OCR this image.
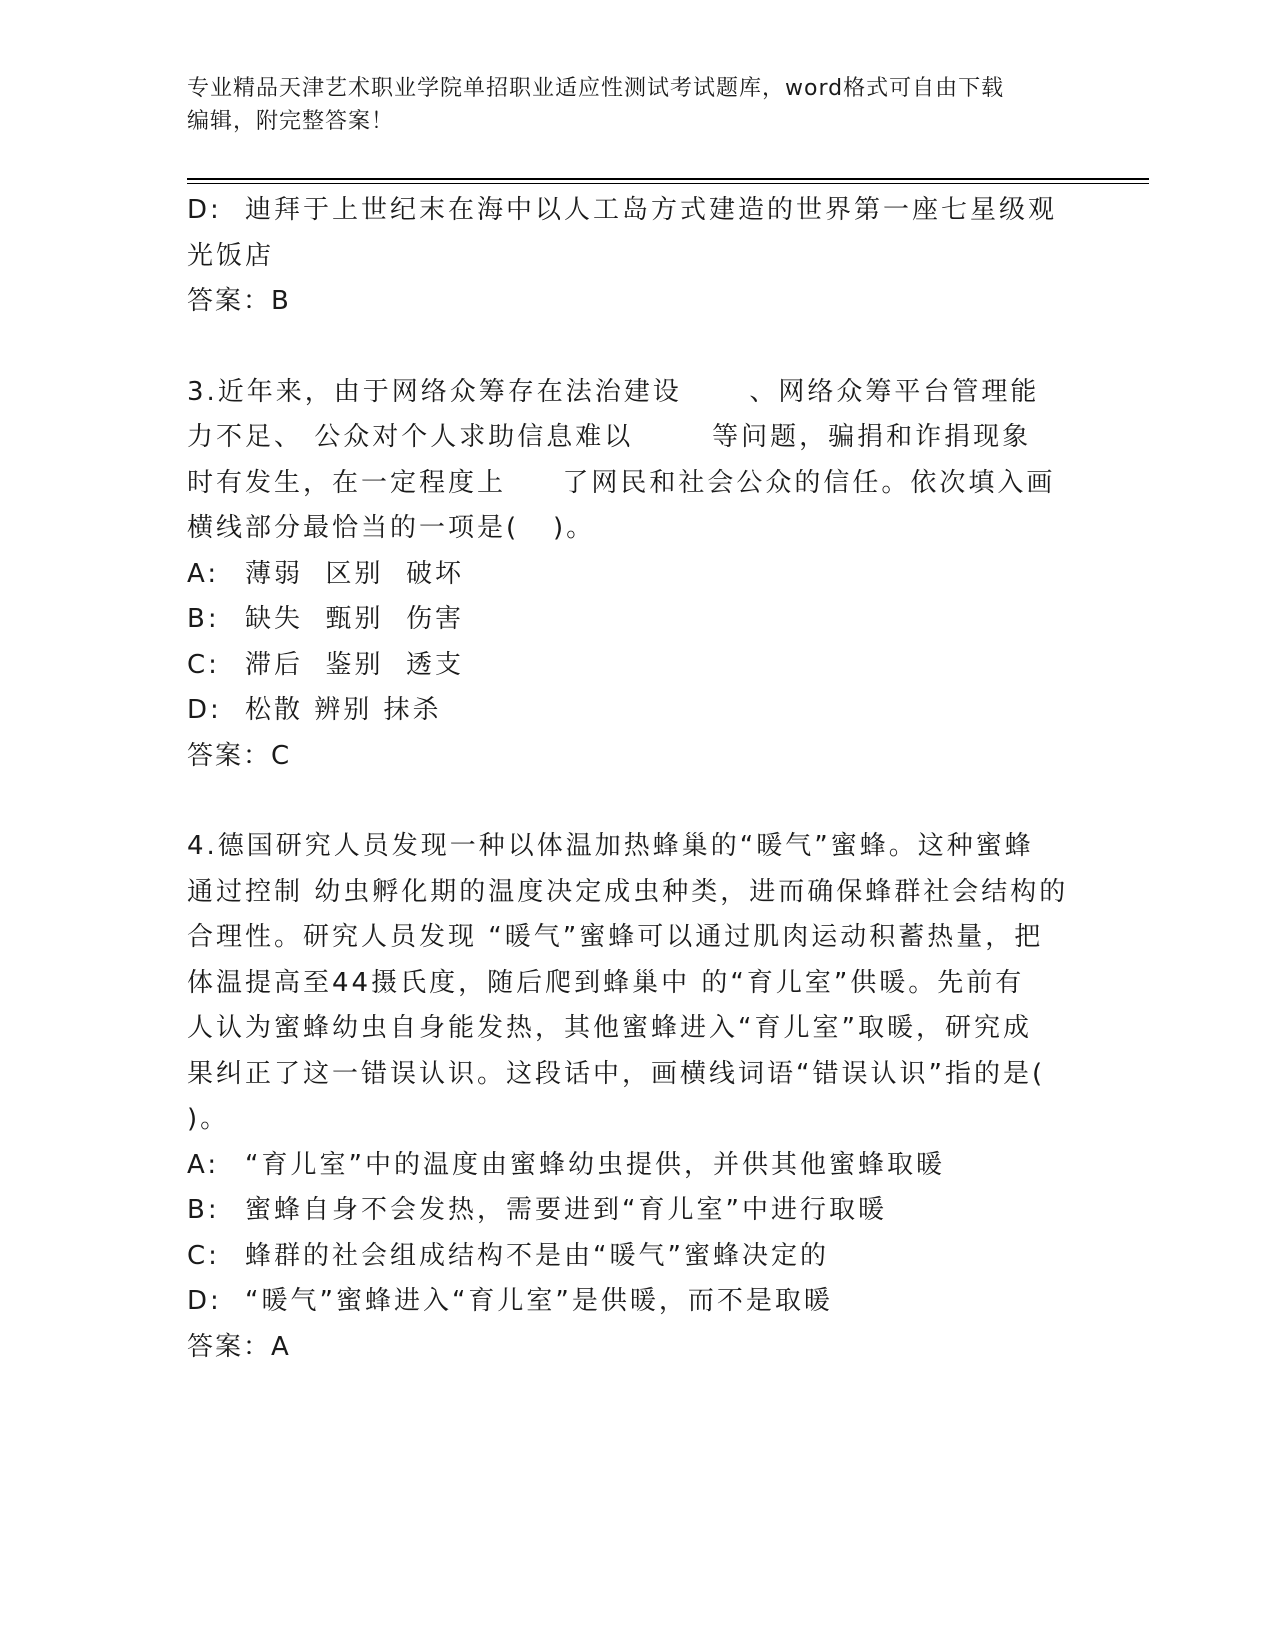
专业精品天津艺术职业学院单招职业适应性测试考试题库，word格式可自由下载
编辑，附完整答案！
D: 迪拜于上世纪末在海中以人工岛方式建造的世界第一座七星级观
光饭店
答案：B
3.近年来，由于网络众筹存在法治建设      、网络众筹平台管理能
力不足、 公众对个人求助信息难以       等问题，骗捐和诈捐现象
时有发生，在一定程度上     了网民和社会公众的信任。依次填入画
横线部分最恰当的一项是(   )。
A: 薄弱  区别  破坏
B: 缺失  甄别  伤害
C: 滞后  鉴别  透支
D: 松散 辨别 抹杀
答案：C
4.德国研究人员发现一种以体温加热蜂巢的“暖气”蜜蜂。这种蜜蜂
通过控制 幼虫孵化期的温度决定成虫种类，进而确保蜂群社会结构的
合理性。研究人员发现 “暖气”蜜蜂可以通过肌肉运动积蓄热量，把
体温提高至44摄氏度，随后爬到蜂巢中 的“育儿室”供暖。先前有
人认为蜜蜂幼虫自身能发热，其他蜜蜂进入“育儿室”取暖，研究成
果纠正了这一错误认识。这段话中，画横线词语“错误认识”指的是(
)。
A: “育儿室”中的温度由蜜蜂幼虫提供，并供其他蜜蜂取暖
B: 蜜蜂自身不会发热，需要进到“育儿室”中进行取暖
C: 蜂群的社会组成结构不是由“暖气”蜜蜂决定的
D: “暖气”蜜蜂进入“育儿室”是供暖，而不是取暖
答案：A
